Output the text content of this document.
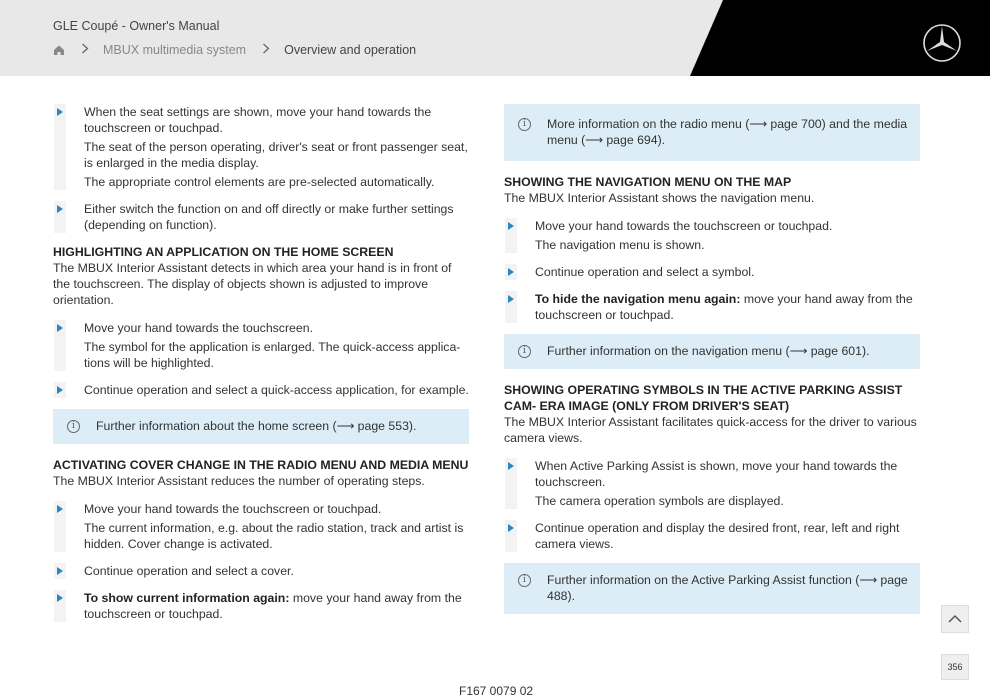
GLE Coupé - Owner's Manual
MBUX multimedia system	Overview and operation

When the seat settings are shown, move your hand towards the touchscreen or touchpad.

The seat of the person operating, driver's seat or front passenger seat, is enlarged in the media display.

The appropriate control elements are pre-selected automatically.

Either switch the function on and off directly or make further settings (depending on function).

HIGHLIGHTING AN APPLICATION ON THE HOME SCREEN

The MBUX Interior Assistant detects in which area your hand is in front of the touchscreen. The display of objects shown is adjusted to improve orientation.

Move your hand towards the touchscreen.

The symbol for the application is enlarged. The quick-access applica- tions will be highlighted.

Continue operation and select a quick-access application, for example.

i	Further information about the home screen (⟶ page 553).

ACTIVATING COVER CHANGE IN THE RADIO MENU AND MEDIA MENU

The MBUX Interior Assistant reduces the number of operating steps.

Move your hand towards the touchscreen or touchpad.

The current information, e.g. about the radio station, track and artist is hidden. Cover change is activated.

Continue operation and select a cover.

To show current information again: move your hand away from the touchscreen or touchpad.

i	More information on the radio menu (⟶ page 700) and the media menu (⟶ page 694).

SHOWING THE NAVIGATION MENU ON THE MAP

The MBUX Interior Assistant shows the navigation menu.

Move your hand towards the touchscreen or touchpad.

The navigation menu is shown.

Continue operation and select a symbol.

To hide the navigation menu again: move your hand away from the touchscreen or touchpad.

i	Further information on the navigation menu (⟶ page 601).

SHOWING OPERATING SYMBOLS IN THE ACTIVE PARKING ASSIST CAM- ERA IMAGE (ONLY FROM DRIVER'S SEAT)

The MBUX Interior Assistant facilitates quick-access for the driver to various camera views.

When Active Parking Assist is shown, move your hand towards the touchscreen.

The camera operation symbols are displayed.

Continue operation and display the desired front, rear, left and right camera views.

i	Further information on the Active Parking Assist function (⟶ page 488).
356
F167 0079 02
